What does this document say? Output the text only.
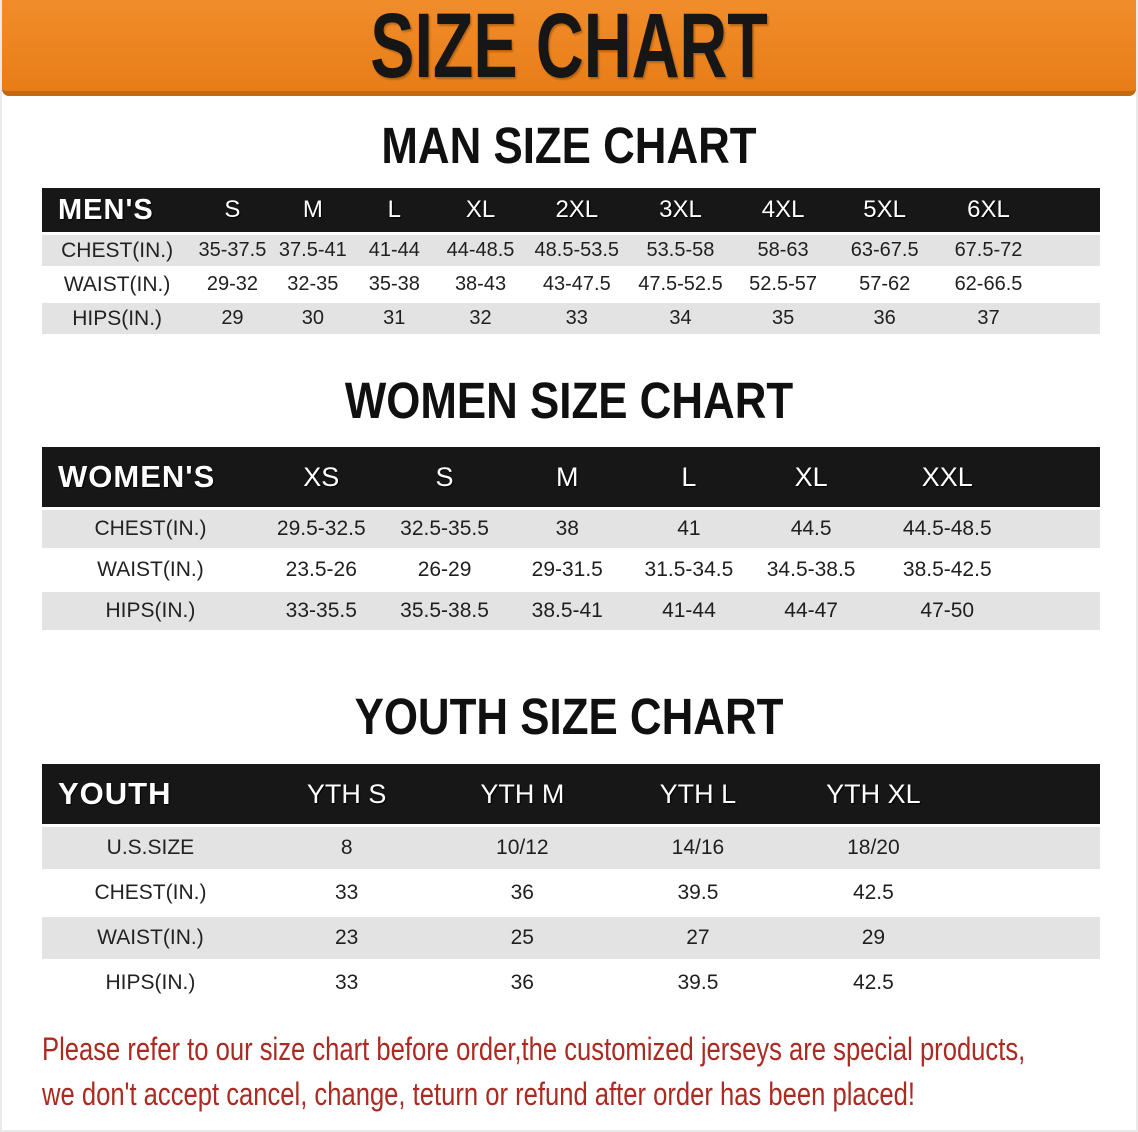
SIZE CHART
MAN SIZE CHART
MEN'S	S	M	L	XL	2XL	3XL	4XL	5XL	6XL
CHEST(IN.)	35-37.5	37.5-41	41-44	44-48.5	48.5-53.5	53.5-58	58-63	63-67.5	67.5-72
WAIST(IN.)	29-32	32-35	35-38	38-43	43-47.5	47.5-52.5	52.5-57	57-62	62-66.5
HIPS(IN.)	29	30	31	32	33	34	35	36	37
WOMEN SIZE CHART
WOMEN'S	XS	S	M	L	XL	XXL
CHEST(IN.)	29.5-32.5	32.5-35.5	38	41	44.5	44.5-48.5
WAIST(IN.)	23.5-26	26-29	29-31.5	31.5-34.5	34.5-38.5	38.5-42.5
HIPS(IN.)	33-35.5	35.5-38.5	38.5-41	41-44	44-47	47-50
YOUTH SIZE CHART
YOUTH	YTH S	YTH M	YTH L	YTH XL
U.S.SIZE	8	10/12	14/16	18/20
CHEST(IN.)	33	36	39.5	42.5
WAIST(IN.)	23	25	27	29
HIPS(IN.)	33	36	39.5	42.5

Please refer to our size chart before order,the customized jerseys are special products,
we don't accept cancel, change, teturn or refund after order has been placed!
